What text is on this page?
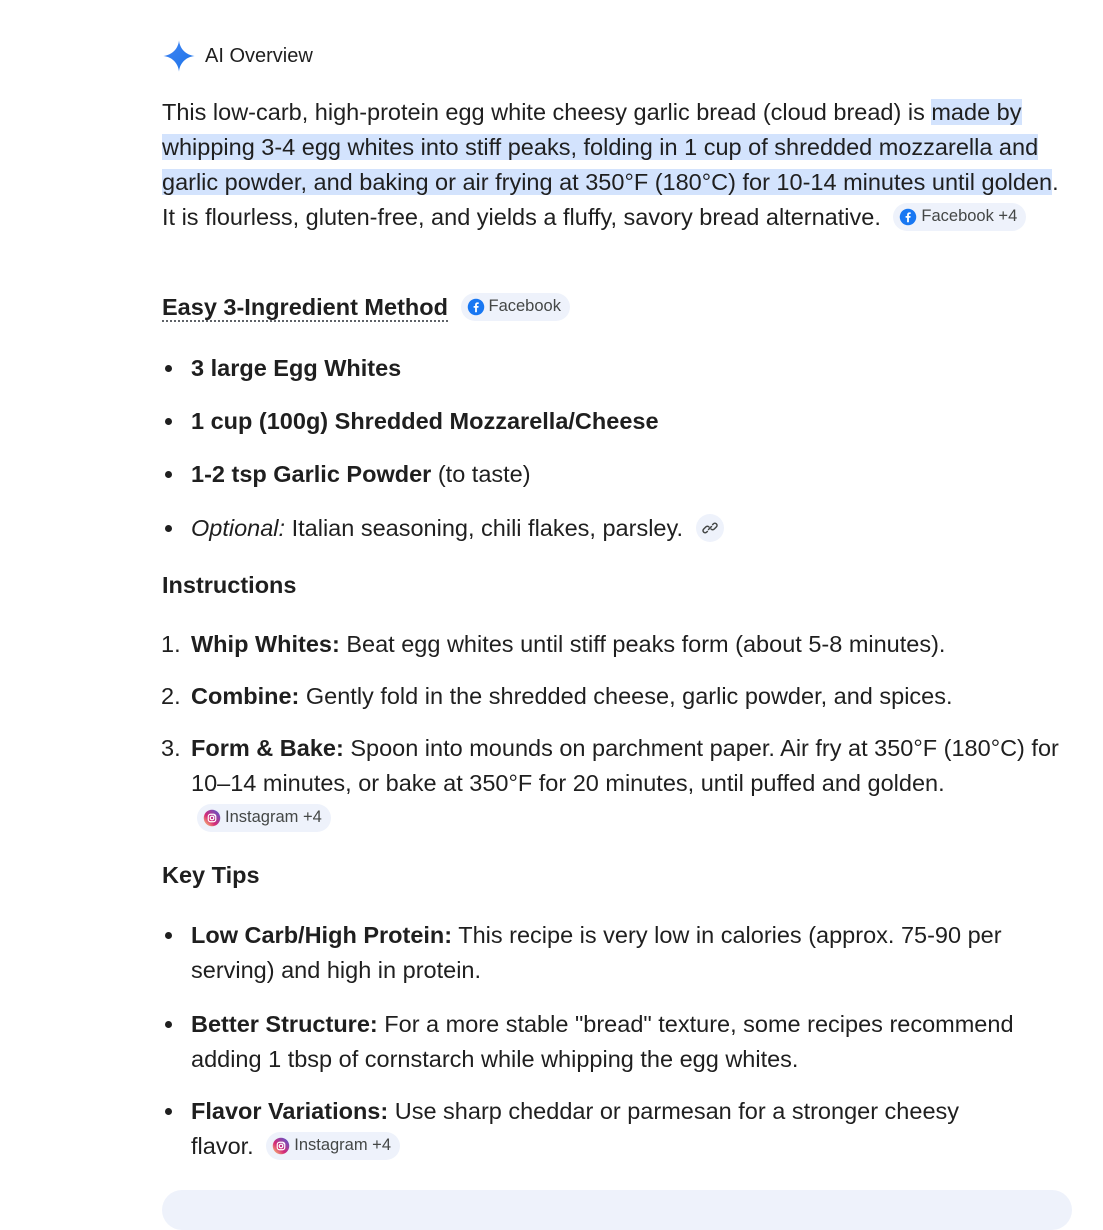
AI Overview
This low-carb, high-protein egg white cheesy garlic bread (cloud bread) is made by whipping 3-4 egg whites into stiff peaks, folding in 1 cup of shredded mozzarella and garlic powder, and baking or air frying at 350°F (180°C) for 10-14 minutes until golden. It is flourless, gluten-free, and yields a fluffy, savory bread alternative. Facebook +4
Easy 3-Ingredient Method Facebook
3 large Egg Whites
1 cup (100g) Shredded Mozzarella/Cheese
1-2 tsp Garlic Powder (to taste)
Optional: Italian seasoning, chili flakes, parsley.
Instructions
1. Whip Whites: Beat egg whites until stiff peaks form (about 5-8 minutes).
2. Combine: Gently fold in the shredded cheese, garlic powder, and spices.
3. Form & Bake: Spoon into mounds on parchment paper. Air fry at 350°F (180°C) for 10–14 minutes, or bake at 350°F for 20 minutes, until puffed and golden.
Instagram +4
Key Tips
Low Carb/High Protein: This recipe is very low in calories (approx. 75-90 per serving) and high in protein.
Better Structure: For a more stable "bread" texture, some recipes recommend adding 1 tbsp of cornstarch while whipping the egg whites.
Flavor Variations: Use sharp cheddar or parmesan for a stronger cheesy flavor. Instagram +4
